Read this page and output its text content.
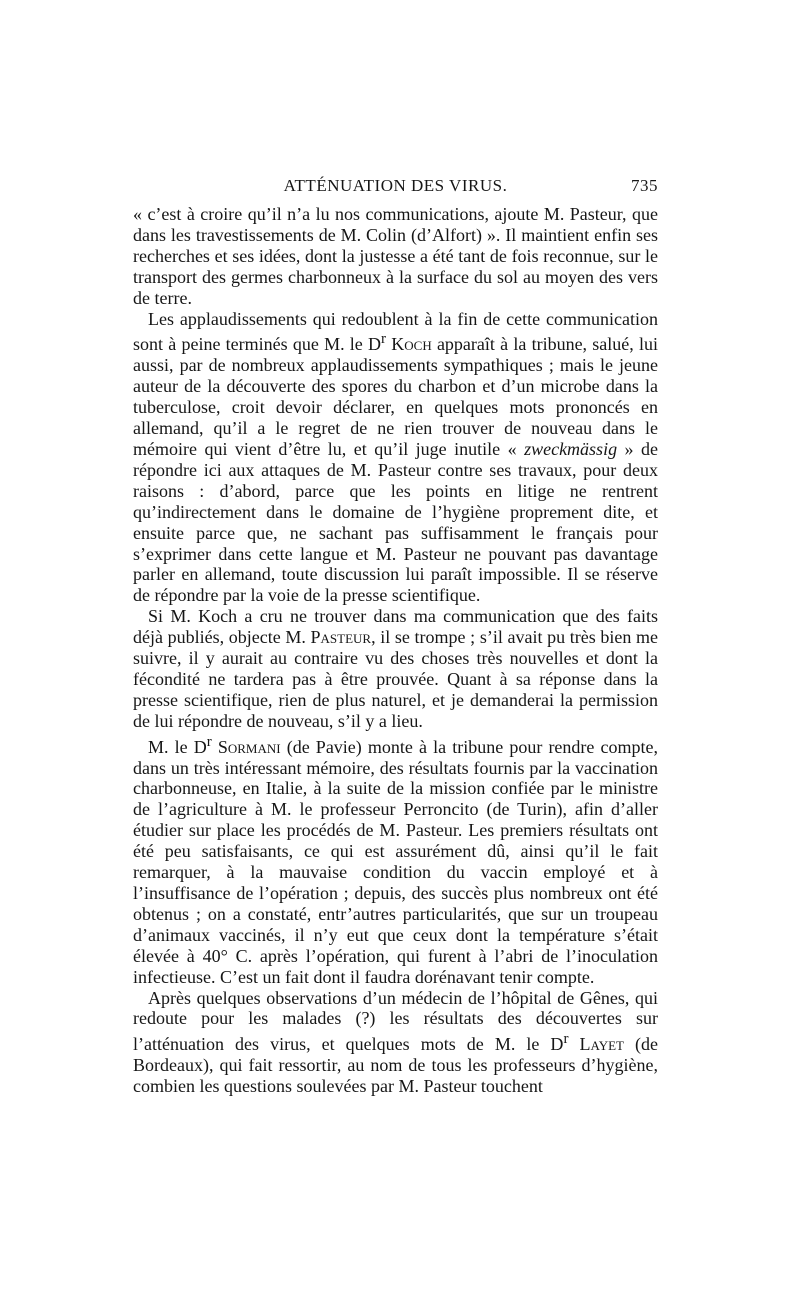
ATTÉNUATION DES VIRUS.	735

« c’est à croire qu’il n’a lu nos communications, ajoute M. Pasteur, que dans les travestissements de M. Colin (d’Alfort) ». Il maintient enfin ses recherches et ses idées, dont la justesse a été tant de fois reconnue, sur le transport des germes charbonneux à la surface du sol au moyen des vers de terre.

Les applaudissements qui redoublent à la fin de cette communication sont à peine terminés que M. le $D^r$ Koch apparaît à la tribune, salué, lui aussi, par de nombreux applaudissements sympathiques ; mais le jeune auteur de la découverte des spores du charbon et d’un microbe dans la tuberculose, croit devoir déclarer, en quelques mots prononcés en allemand, qu’il a le regret de ne rien trouver de nouveau dans le mémoire qui vient d’être lu, et qu’il juge inutile « zweckmässig » de répondre ici aux attaques de M. Pasteur contre ses travaux, pour deux raisons : d’abord, parce que les points en litige ne rentrent qu’indirectement dans le domaine de l’hygiène proprement dite, et ensuite parce que, ne sachant pas suffisamment le français pour s’exprimer dans cette langue et M. Pasteur ne pouvant pas davantage parler en allemand, toute discussion lui paraît impossible. Il se réserve de répondre par la voie de la presse scientifique.

Si M. Koch a cru ne trouver dans ma communication que des faits déjà publiés, objecte M. Pasteur, il se trompe ; s’il avait pu très bien me suivre, il y aurait au contraire vu des choses très nouvelles et dont la fécondité ne tardera pas à être prouvée. Quant à sa réponse dans la presse scientifique, rien de plus naturel, et je demanderai la permission de lui répondre de nouveau, s’il y a lieu.

M. le $D^r$ Sormani (de Pavie) monte à la tribune pour rendre compte, dans un très intéressant mémoire, des résultats fournis par la vaccination charbonneuse, en Italie, à la suite de la mission confiée par le ministre de l’agriculture à M. le professeur Perroncito (de Turin), afin d’aller étudier sur place les procédés de M. Pasteur. Les premiers résultats ont été peu satisfaisants, ce qui est assurément dû, ainsi qu’il le fait remarquer, à la mauvaise condition du vaccin employé et à l’insuffisance de l’opération ; depuis, des succès plus nombreux ont été obtenus ; on a constaté, entr’autres particularités, que sur un troupeau d’animaux vaccinés, il n’y eut que ceux dont la température s’était élevée à 40° C. après l’opération, qui furent à l’abri de l’inoculation infectieuse. C’est un fait dont il faudra dorénavant tenir compte.

Après quelques observations d’un médecin de l’hôpital de Gênes, qui redoute pour les malades (?) les résultats des découvertes sur l’atténuation des virus, et quelques mots de M. le $D^r$ Layet (de Bordeaux), qui fait ressortir, au nom de tous les professeurs d’hygiène, combien les questions soulevées par M. Pasteur touchent
